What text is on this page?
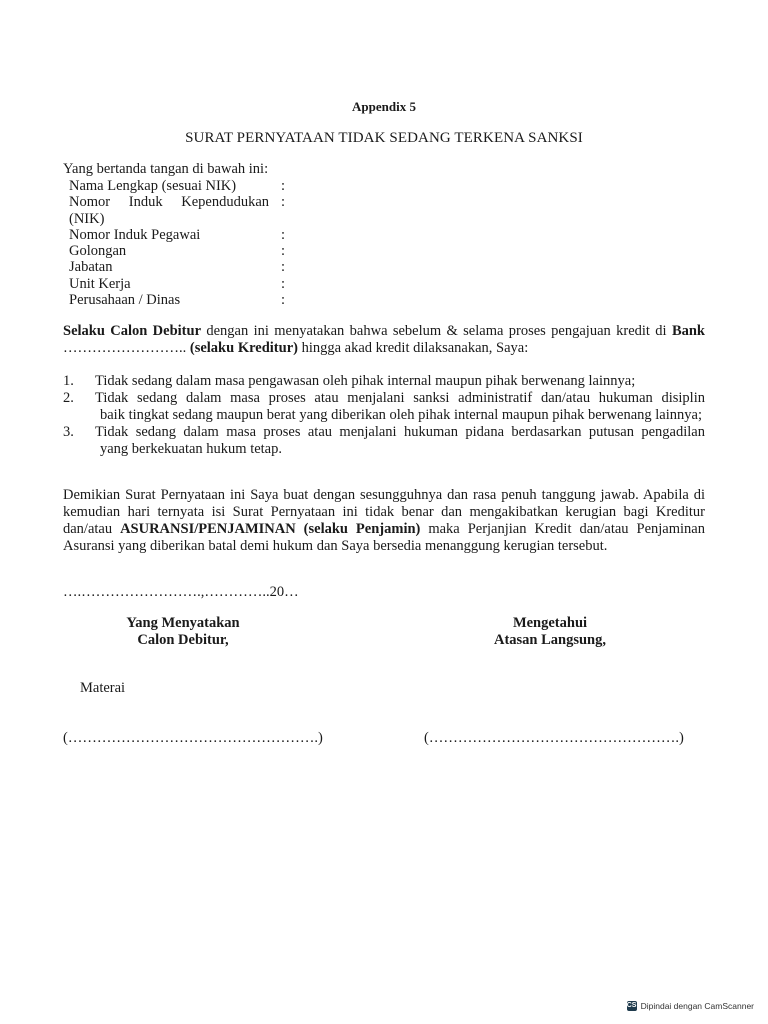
Appendix 5
SURAT PERNYATAAN TIDAK SEDANG TERKENA SANKSI
Yang bertanda tangan di bawah ini:
Nama Lengkap (sesuai NIK)	:
Nomor Induk Kependudukan :
(NIK)
Nomor Induk Pegawai	:
Golongan	:
Jabatan	:
Unit Kerja	:
Perusahaan / Dinas	:
Selaku Calon Debitur dengan ini menyatakan bahwa sebelum & selama proses pengajuan kredit di Bank …………………….. (selaku Kreditur) hingga akad kredit dilaksanakan, Saya:
1. Tidak sedang dalam masa pengawasan oleh pihak internal maupun pihak berwenang lainnya;
2. Tidak sedang dalam masa proses atau menjalani sanksi administratif dan/atau hukuman disiplin
baik tingkat sedang maupun berat yang diberikan oleh pihak internal maupun pihak berwenang lainnya;
3. Tidak sedang dalam masa proses atau menjalani hukuman pidana berdasarkan putusan pengadilan
yang berkekuatan hukum tetap.
Demikian Surat Pernyataan ini Saya buat dengan sesungguhnya dan rasa penuh tanggung jawab. Apabila di kemudian hari ternyata isi Surat Pernyataan ini tidak benar dan mengakibatkan kerugian bagi Kreditur dan/atau ASURANSI/PENJAMINAN (selaku Penjamin) maka Perjanjian Kredit dan/atau Penjaminan Asuransi yang diberikan batal demi hukum dan Saya bersedia menanggung kerugian tersebut.
….…………………….,…………..20…
Yang Menyatakan
Calon Debitur,
Mengetahui
Atasan Langsung,
Materai
(…………………………………………….)	(…………………………………………….)
CS Dipindai dengan CamScanner
